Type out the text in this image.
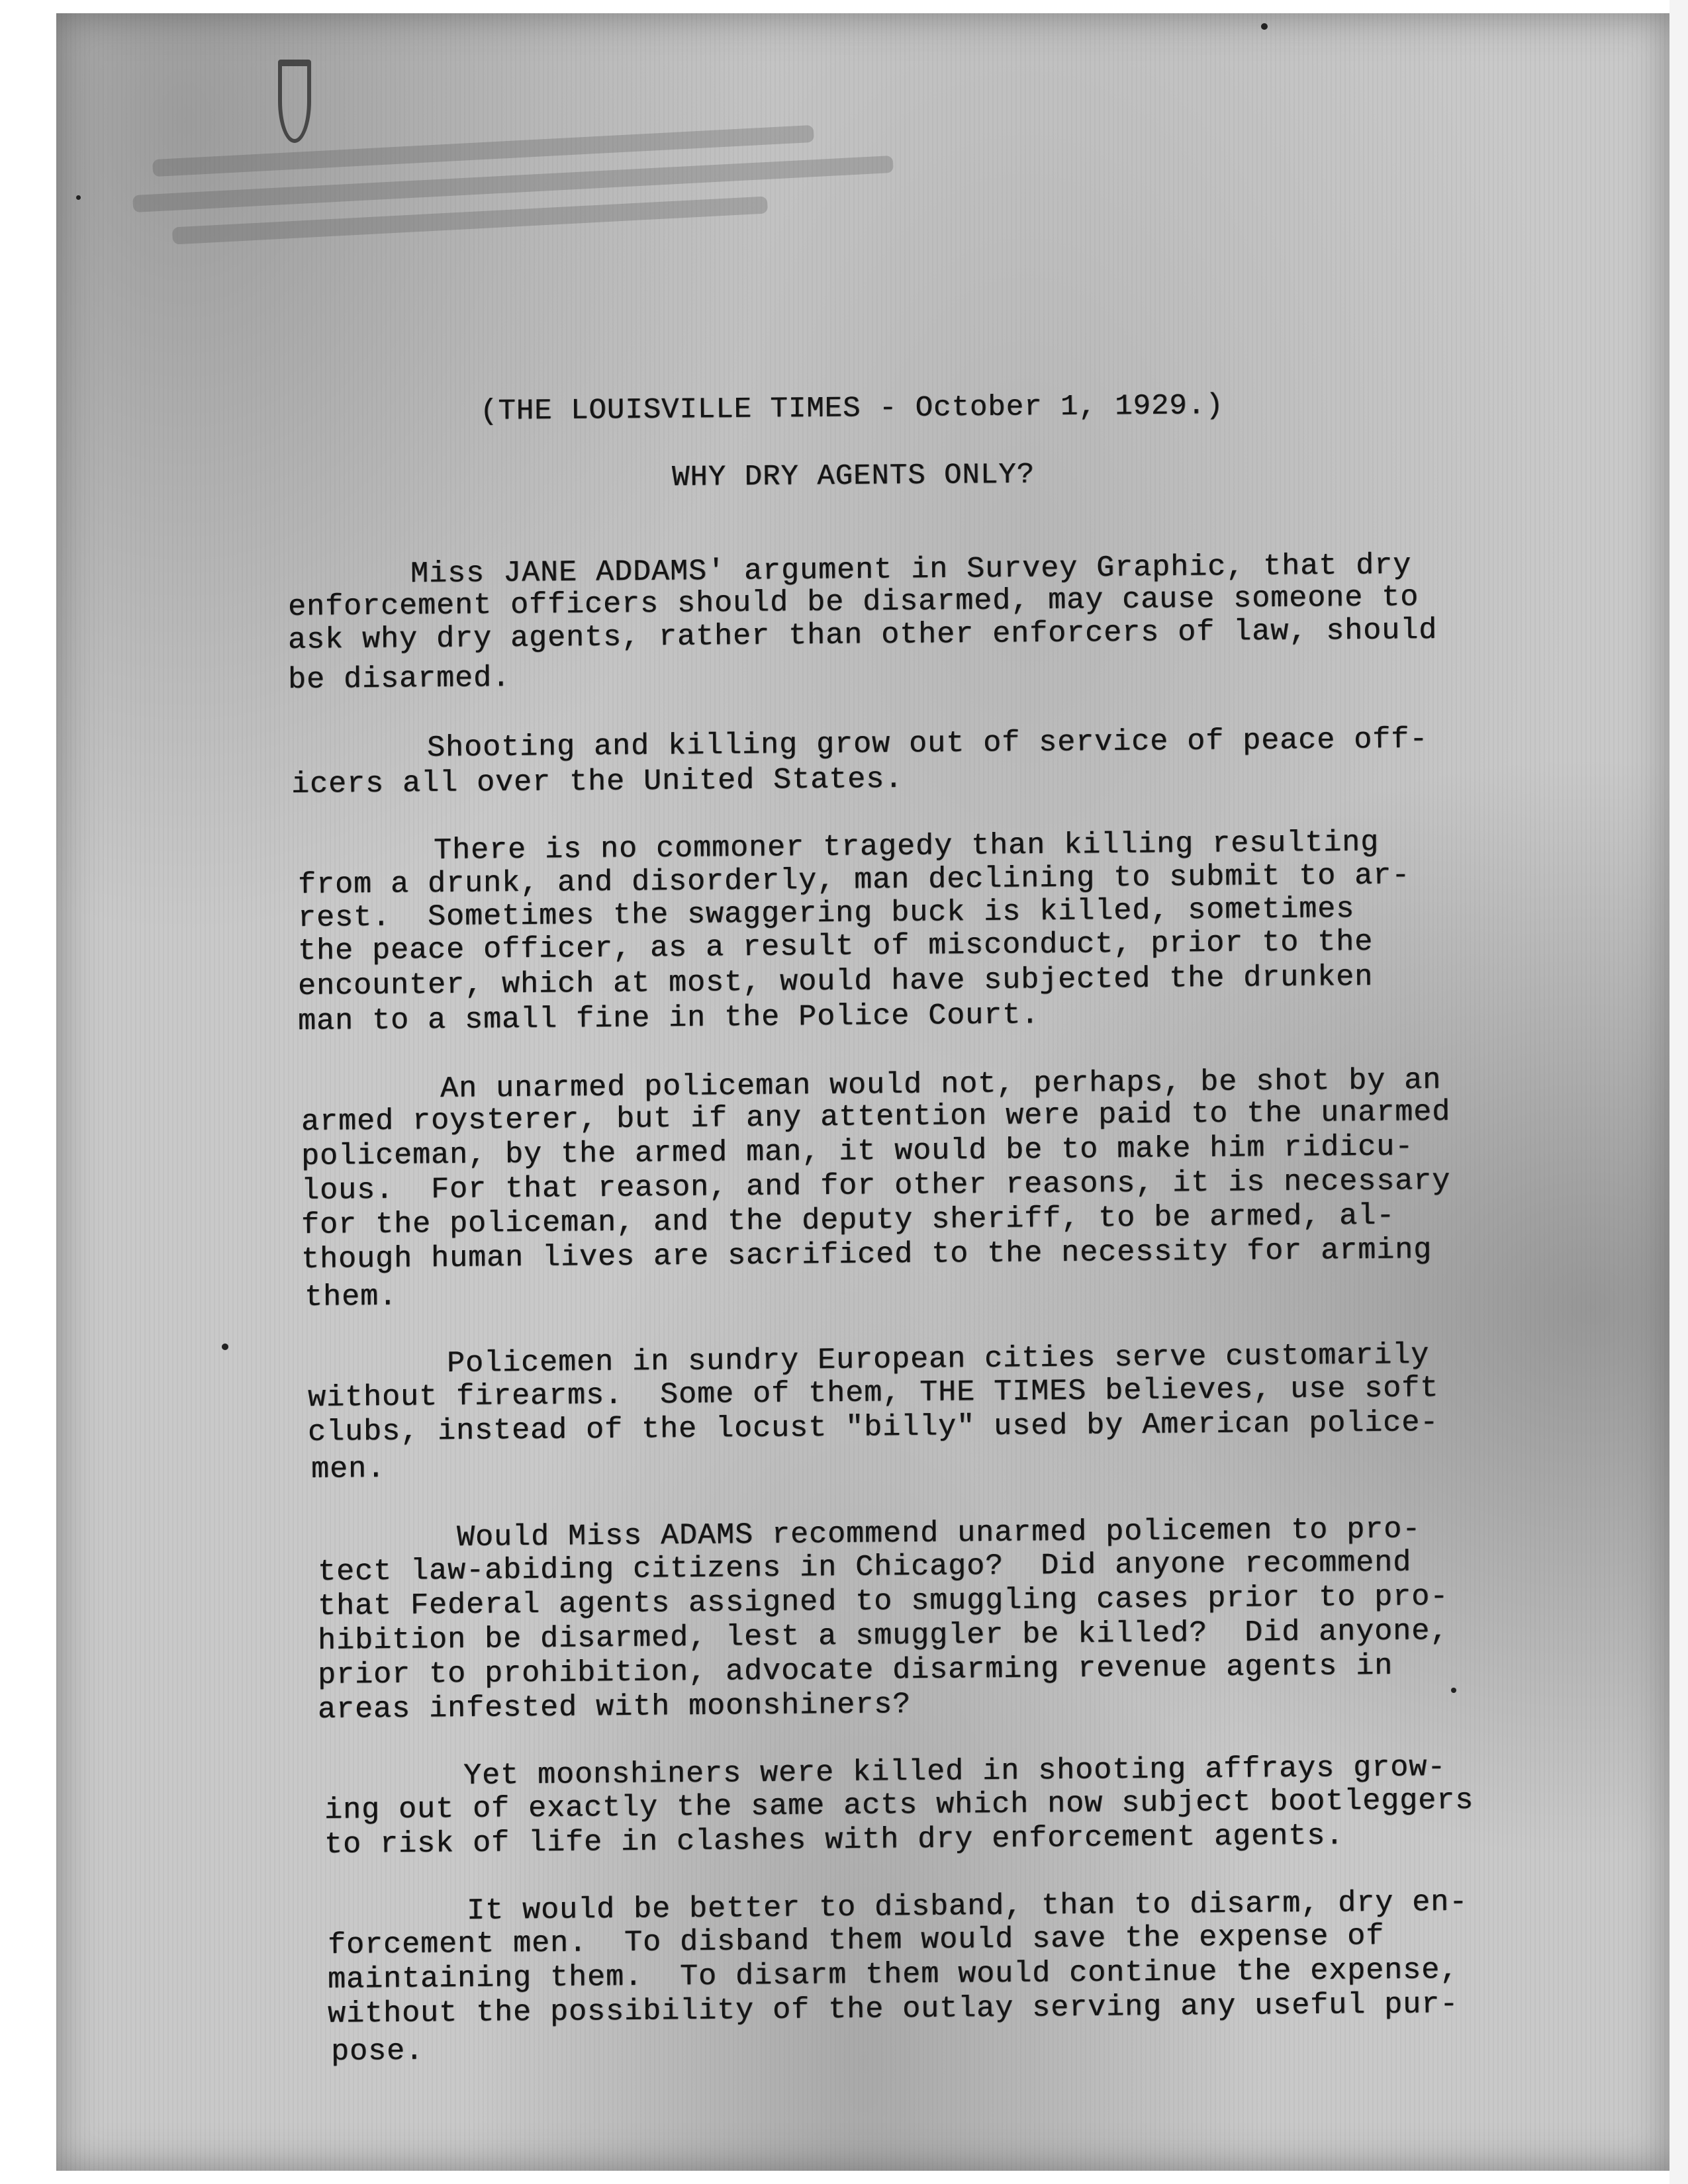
(THE LOUISVILLE TIMES - October 1, 1929.)
WHY DRY AGENTS ONLY?
Miss JANE ADDAMS' argument in Survey Graphic, that dry
enforcement officers should be disarmed, may cause someone to
ask why dry agents, rather than other enforcers of law, should
be disarmed.
Shooting and killing grow out of service of peace off-
icers all over the United States.
There is no commoner tragedy than killing resulting
from a drunk, and disorderly, man declining to submit to ar-
rest.  Sometimes the swaggering buck is killed, sometimes
the peace officer, as a result of misconduct, prior to the
encounter, which at most, would have subjected the drunken
man to a small fine in the Police Court.
An unarmed policeman would not, perhaps, be shot by an
armed roysterer, but if any attention were paid to the unarmed
policeman, by the armed man, it would be to make him ridicu-
lous.  For that reason, and for other reasons, it is necessary
for the policeman, and the deputy sheriff, to be armed, al-
though human lives are sacrificed to the necessity for arming
them.
Policemen in sundry European cities serve customarily
without firearms.  Some of them, THE TIMES believes, use soft
clubs, instead of the locust "billy" used by American police-
men.
Would Miss ADAMS recommend unarmed policemen to pro-
tect law-abiding citizens in Chicago?  Did anyone recommend
that Federal agents assigned to smuggling cases prior to pro-
hibition be disarmed, lest a smuggler be killed?  Did anyone,
prior to prohibition, advocate disarming revenue agents in
areas infested with moonshiners?
Yet moonshiners were killed in shooting affrays grow-
ing out of exactly the same acts which now subject bootleggers
to risk of life in clashes with dry enforcement agents.
It would be better to disband, than to disarm, dry en-
forcement men.  To disband them would save the expense of
maintaining them.  To disarm them would continue the expense,
without the possibility of the outlay serving any useful pur-
pose.
